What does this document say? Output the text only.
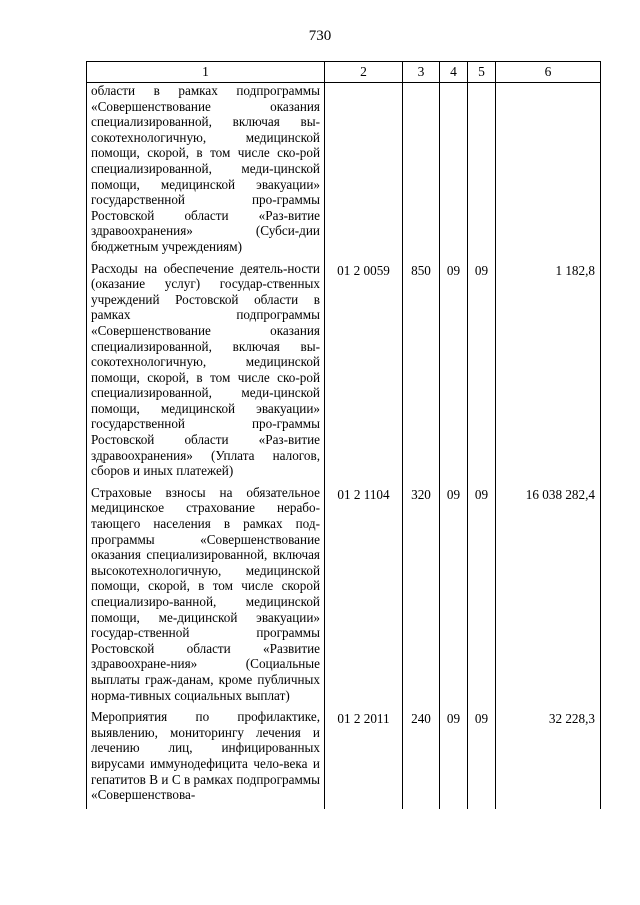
730
1	2	3	4	5	6
области в рамках подпрограммы «Совершенствование оказания специализированной, включая вы-сокотехнологичную, медицинской помощи, скорой, в том числе ско-рой специализированной, меди-цинской помощи, медицинской эвакуации» государственной про-граммы Ростовской области «Раз-витие здравоохранения» (Субси-дии бюджетным учреждениям)					
Расходы на обеспечение деятель-ности (оказание услуг) государ-ственных учреждений Ростовской области в рамках подпрограммы «Совершенствование оказания специализированной, включая вы-сокотехнологичную, медицинской помощи, скорой, в том числе ско-рой специализированной, меди-цинской помощи, медицинской эвакуации» государственной про-граммы Ростовской области «Раз-витие здравоохранения» (Уплата налогов, сборов и иных платежей)	01 2 0059	850	09	09	1 182,8
Страховые взносы на обязательное медицинское страхование нерабо-тающего населения в рамках под-программы «Совершенствование оказания специализированной, включая высокотехнологичную, медицинской помощи, скорой, в том числе скорой специализиро-ванной, медицинской помощи, ме-дицинской эвакуации» государ-ственной программы Ростовской области «Развитие здравоохране-ния» (Социальные выплаты граж-данам, кроме публичных норма-тивных социальных выплат)	01 2 1104	320	09	09	16 038 282,4
Мероприятия по профилактике, выявлению, мониторингу лечения и лечению лиц, инфицированных вирусами иммунодефицита чело-века и гепатитов В и С в рамках подпрограммы «Совершенствова-	01 2 2011	240	09	09	32 228,3
